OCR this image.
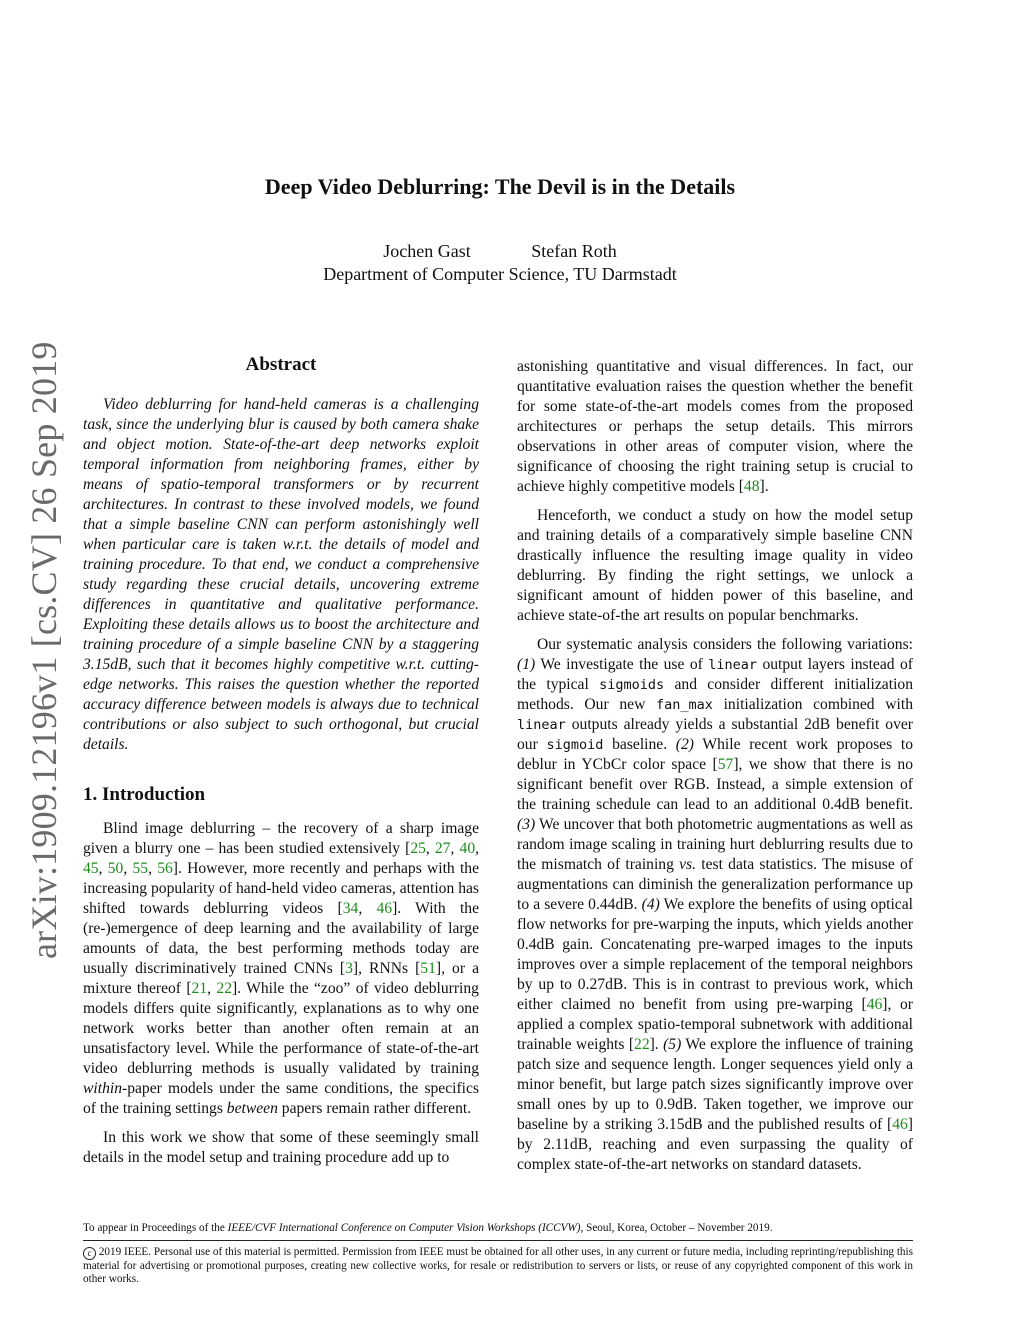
arXiv:1909.12196v1 [cs.CV] 26 Sep 2019
Deep Video Deblurring: The Devil is in the Details
Jochen Gast	Stefan Roth
Department of Computer Science, TU Darmstadt
Abstract

Video deblurring for hand-held cameras is a challenging task, since the underlying blur is caused by both camera shake and object motion. State-of-the-art deep networks exploit temporal information from neighboring frames, either by means of spatio-temporal transformers or by recurrent architectures. In contrast to these involved models, we found that a simple baseline CNN can perform astonishingly well when particular care is taken w.r.t. the details of model and training procedure. To that end, we conduct a comprehensive study regarding these crucial details, uncovering extreme differences in quantitative and qualitative performance. Exploiting these details allows us to boost the architecture and training procedure of a simple baseline CNN by a staggering 3.15dB, such that it becomes highly competitive w.r.t. cutting-edge networks. This raises the question whether the reported accuracy difference between models is always due to technical contributions or also subject to such orthogonal, but crucial details.

1. Introduction

Blind image deblurring – the recovery of a sharp image given a blurry one – has been studied extensively [25, 27, 40, 45, 50, 55, 56]. However, more recently and perhaps with the increasing popularity of hand-held video cameras, attention has shifted towards deblurring videos [34, 46]. With the (re-)emergence of deep learning and the availability of large amounts of data, the best performing methods today are usually discriminatively trained CNNs [3], RNNs [51], or a mixture thereof [21, 22]. While the “zoo” of video deblurring models differs quite significantly, explanations as to why one network works better than another often remain at an unsatisfactory level. While the performance of state-of-the-art video deblurring methods is usually validated by training within-paper models under the same conditions, the specifics of the training settings between papers remain rather different.

In this work we show that some of these seemingly small details in the model setup and training procedure add up to

astonishing quantitative and visual differences. In fact, our quantitative evaluation raises the question whether the benefit for some state-of-the-art models comes from the proposed architectures or perhaps the setup details. This mirrors observations in other areas of computer vision, where the significance of choosing the right training setup is crucial to achieve highly competitive models [48].

Henceforth, we conduct a study on how the model setup and training details of a comparatively simple baseline CNN drastically influence the resulting image quality in video deblurring. By finding the right settings, we unlock a significant amount of hidden power of this baseline, and achieve state-of-the art results on popular benchmarks.

Our systematic analysis considers the following variations: (1) We investigate the use of linear output layers instead of the typical sigmoids and consider different initialization methods. Our new fan_max initialization combined with linear outputs already yields a substantial 2dB benefit over our sigmoid baseline. (2) While recent work proposes to deblur in YCbCr color space [57], we show that there is no significant benefit over RGB. Instead, a simple extension of the training schedule can lead to an additional 0.4dB benefit. (3) We uncover that both photometric augmentations as well as random image scaling in training hurt deblurring results due to the mismatch of training vs. test data statistics. The misuse of augmentations can diminish the generalization performance up to a severe 0.44dB. (4) We explore the benefits of using optical flow networks for pre-warping the inputs, which yields another 0.4dB gain. Concatenating pre-warped images to the inputs improves over a simple replacement of the temporal neighbors by up to 0.27dB. This is in contrast to previous work, which either claimed no benefit from using pre-warping [46], or applied a complex spatio-temporal subnetwork with additional trainable weights [22]. (5) We explore the influence of training patch size and sequence length. Longer sequences yield only a minor benefit, but large patch sizes significantly improve over small ones by up to 0.9dB. Taken together, we improve our baseline by a striking 3.15dB and the published results of [46] by 2.11dB, reaching and even surpassing the quality of complex state-of-the-art networks on standard datasets.

To appear in Proceedings of the IEEE/CVF International Conference on Computer Vision Workshops (ICCVW), Seoul, Korea, October – November 2019.
c 2019 IEEE. Personal use of this material is permitted. Permission from IEEE must be obtained for all other uses, in any current or future media, including reprinting/republishing this material for advertising or promotional purposes, creating new collective works, for resale or redistribution to servers or lists, or reuse of any copyrighted component of this work in other works.
